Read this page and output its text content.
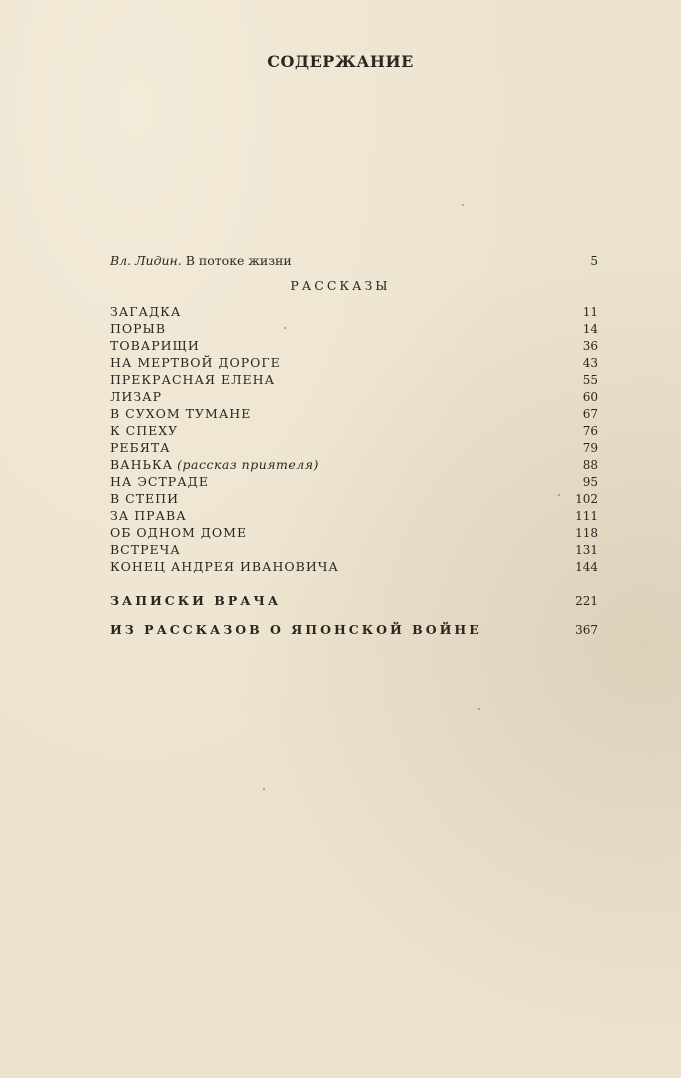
СОДЕРЖАНИЕ
Вл. Лидин. В потоке жизни	5
РАССКАЗЫ
ЗАГАДКА	11
ПОРЫВ	14
ТОВАРИЩИ	36
НА МЕРТВОЙ ДОРОГЕ	43
ПРЕКРАСНАЯ ЕЛЕНА	55
ЛИЗАР	60
В СУХОМ ТУМАНЕ	67
К СПЕХУ	76
РЕБЯТА	79
ВАНЬКА (рассказ приятеля)	88
НА ЭСТРАДЕ	95
В СТЕПИ	102
ЗА ПРАВА	111
ОБ ОДНОМ ДОМЕ	118
ВСТРЕЧА	131
КОНЕЦ АНДРЕЯ ИВАНОВИЧА	144
ЗАПИСКИ ВРАЧА	221
ИЗ РАССКАЗОВ О ЯПОНСКОЙ ВОЙНЕ	367
